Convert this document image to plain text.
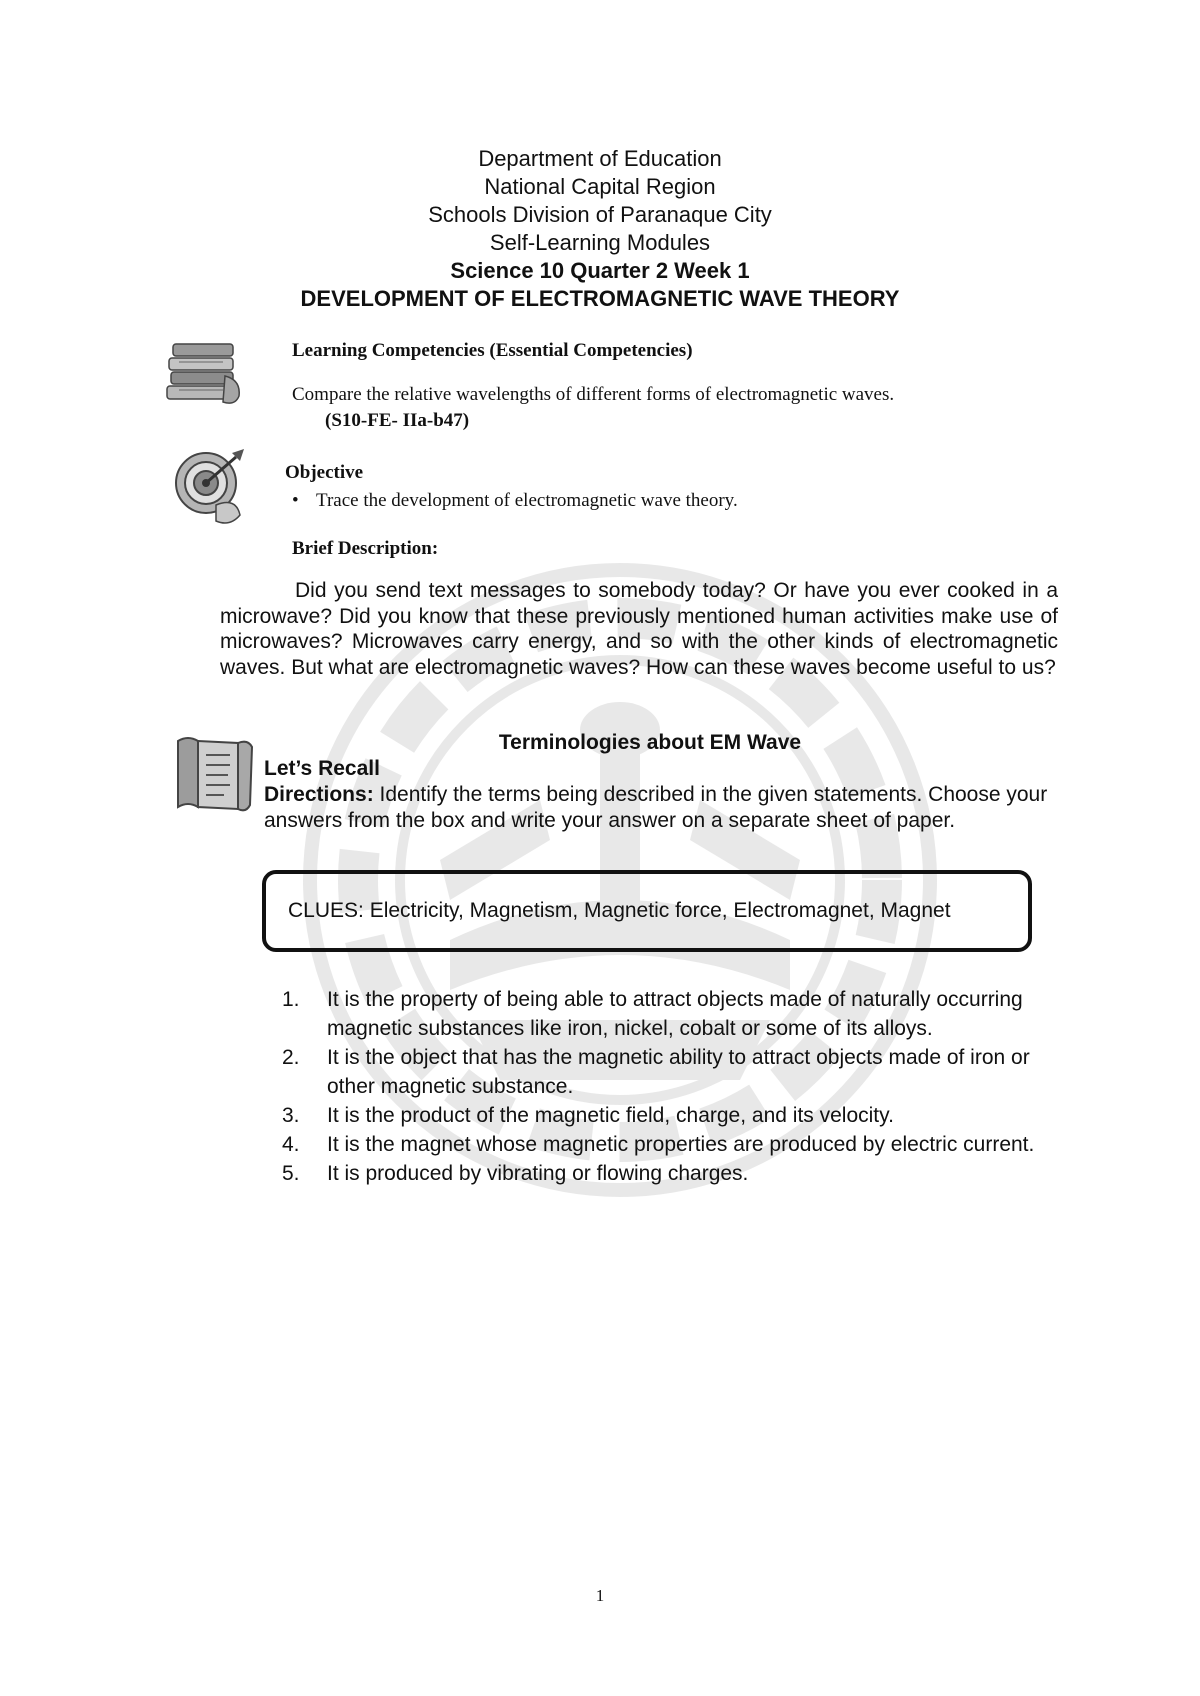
Department of Education
National Capital Region
Schools Division of Paranaque City
Self-Learning Modules
Science 10 Quarter 2 Week 1
DEVELOPMENT OF ELECTROMAGNETIC WAVE THEORY
Learning Competencies (Essential Competencies)
Compare the relative wavelengths of different forms of electromagnetic waves.
(S10-FE- IIa-b47)
Objective
• Trace the development of electromagnetic wave theory.
Brief Description:
Did you send text messages to somebody today? Or have you ever cooked in a microwave? Did you know that these previously mentioned human activities make use of microwaves? Microwaves carry energy, and so with the other kinds of electromagnetic waves. But what are electromagnetic waves? How can these waves become useful to us?
Terminologies about EM Wave
Let’s Recall
Directions: Identify the terms being described in the given statements. Choose your answers from the box and write your answer on a separate sheet of paper.
CLUES: Electricity, Magnetism, Magnetic force, Electromagnet, Magnet
1. It is the property of being able to attract objects made of naturally occurring magnetic substances like iron, nickel, cobalt or some of its alloys.
2. It is the object that has the magnetic ability to attract objects made of iron or other magnetic substance.
3. It is the product of the magnetic field, charge, and its velocity.
4. It is the magnet whose magnetic properties are produced by electric current.
5. It is produced by vibrating or flowing charges.
1
